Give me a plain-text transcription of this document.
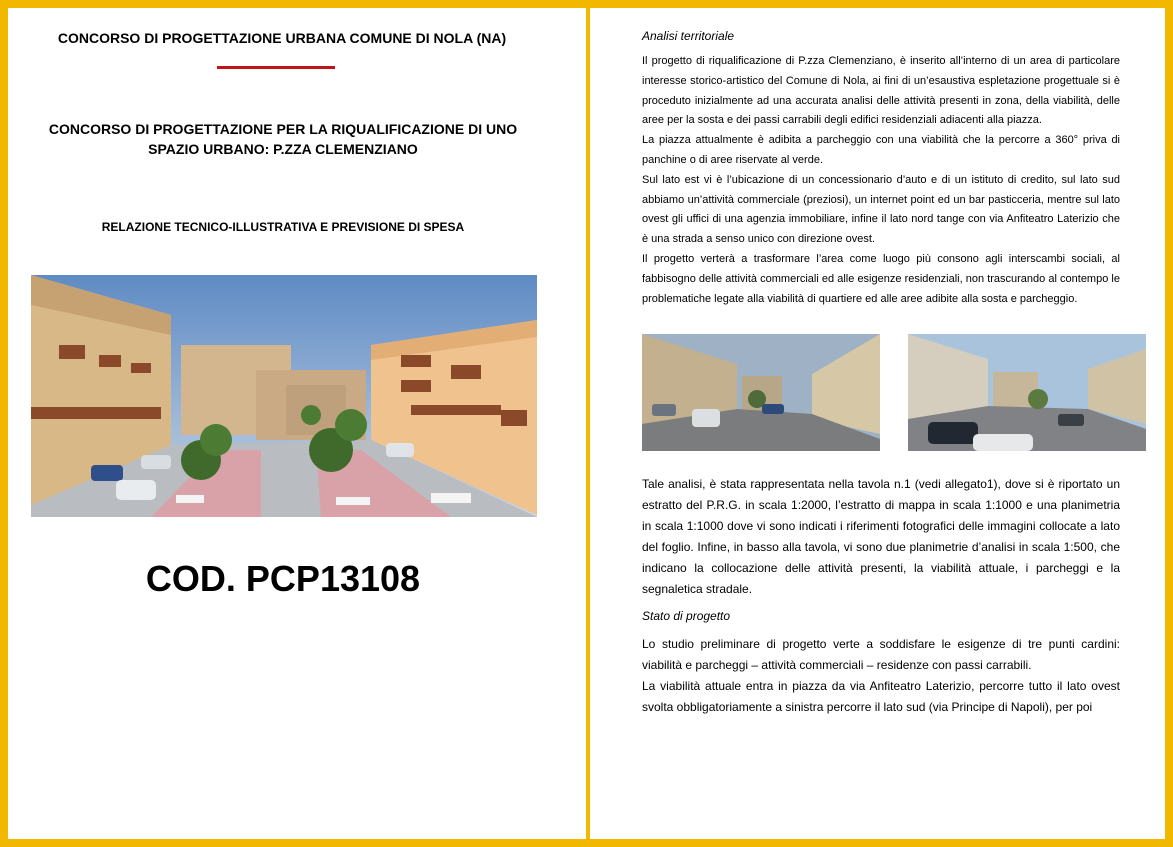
CONCORSO DI PROGETTAZIONE URBANA COMUNE DI NOLA (NA)
CONCORSO DI PROGETTAZIONE PER LA RIQUALIFICAZIONE DI UNO
SPAZIO URBANO: P.ZZA CLEMENZIANO
RELAZIONE TECNICO-ILLUSTRATIVA E PREVISIONE DI SPESA
COD. PCP13108
Analisi territoriale

Il progetto di riqualificazione di P.zza Clemenziano, è inserito all’interno di un area di particolare interesse storico-artistico del Comune di Nola, ai fini di un’esaustiva espletazione progettuale si è proceduto inizialmente ad una accurata analisi delle attività presenti in zona, della viabilità, delle aree per la sosta e dei passi carrabili degli edifici residenziali adiacenti alla piazza.

La piazza attualmente è adibita a parcheggio con una viabilità che la percorre a 360° priva di panchine o di aree riservate al verde.

Sul lato est vi è l’ubicazione di un concessionario d’auto e di un istituto di credito, sul lato sud abbiamo un’attività commerciale (preziosi), un internet point ed un bar pasticceria, mentre sul lato ovest gli uffici di una agenzia immobiliare, infine il lato nord tange con via Anfiteatro Laterizio che è una strada a senso unico con direzione ovest.

Il progetto verterà a trasformare l’area come luogo più consono agli interscambi sociali, al fabbisogno delle attività commerciali ed alle esigenze residenziali, non trascurando al contempo le problematiche legate alla viabilità di quartiere ed alle aree adibite alla sosta e parcheggio.

Tale analisi, è stata rappresentata nella tavola n.1 (vedi allegato1), dove si è riportato un estratto del P.R.G. in scala 1:2000, l’estratto di mappa in scala 1:1000 e una planimetria in scala 1:1000 dove vi sono indicati i riferimenti fotografici delle immagini collocate a lato del foglio. Infine, in basso alla tavola, vi sono due planimetrie d’analisi in scala 1:500, che indicano la collocazione delle attività presenti, la viabilità attuale, i parcheggi e la segnaletica stradale.

Stato di progetto

Lo studio preliminare di progetto verte a soddisfare le esigenze di tre punti cardini: viabilità e parcheggi – attività commerciali – residenze con passi carrabili.

La viabilità attuale entra in piazza da via Anfiteatro Laterizio, percorre tutto il lato ovest svolta obbligatoriamente a sinistra percorre il lato sud (via Principe di Napoli), per poi
